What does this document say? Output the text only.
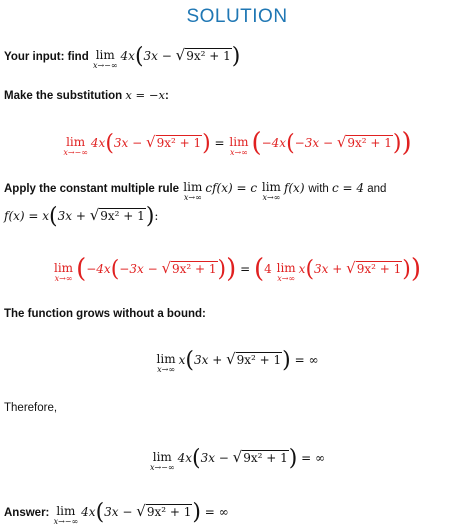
SOLUTION
Your input: find lim
x→−∞
4x(3x − √9x² + 1)
Make the substitution x = −x:
lim
x→−∞
4x(3x − √9x² + 1) = lim
x→∞ (−4x(−3x − √9x² + 1))
Apply the constant multiple rule lim
x→∞
cf(x) = c lim
x→∞
f(x) with c = 4 and
f(x) = x(3x + √9x² + 1):
lim
x→∞ (−4x(−3x − √9x² + 1)) = (4 lim
x→∞
x(3x + √9x² + 1))
The function grows without a bound:
lim
x→∞
x(3x + √9x² + 1) = ∞
Therefore,
lim
x→−∞
4x(3x − √9x² + 1) = ∞
Answer: lim
x→−∞
4x(3x − √9x² + 1) = ∞
